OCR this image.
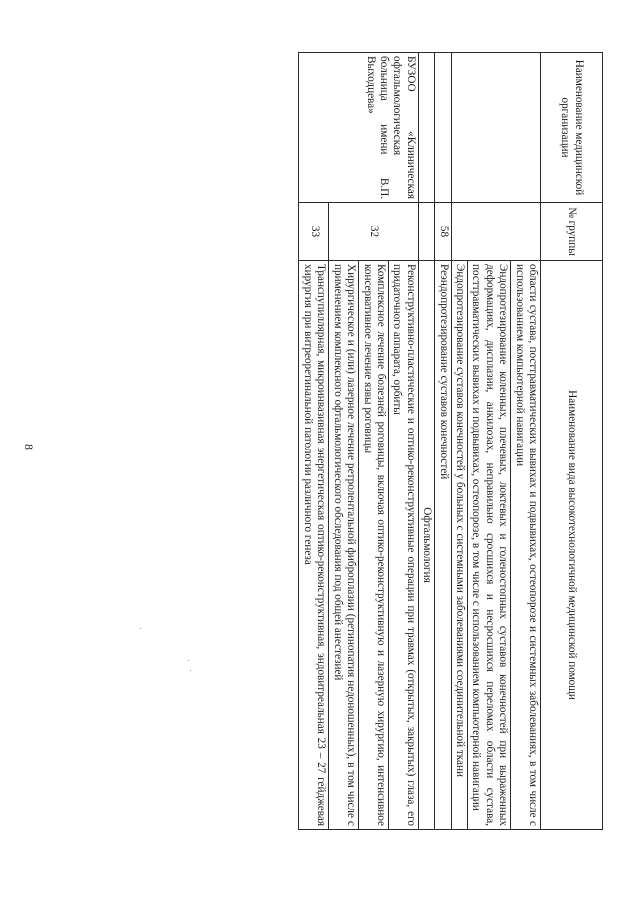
8
Наименование медицинской организации	№ группы	Наименование вида высокотехнологичной медицинской помощи
		области сустава, посттравматических вывихах и подвывихах, остеопорозе и системных заболеваниях, в том числе с использованием компьютерной навигации
		Эндопротезирование коленных, плечевых, локтевых и голеностопных суставов конечностей при выраженных деформациях, дисплазии, анкилозах, неправильно сросшихся и несросшихся переломах области сустава, посттравматических вывихах и подвывихах, остеопорозе, в том числе с использованием компьютерной навигации
		Эндопротезирование суставов конечностей у больных с системными заболеваниями соединительной ткани
	58	Реэндопротезирование суставов конечностей
		Офтальмология
БУЗОО «Клиническая офтальмологическая больница имени В.П. Выходцева»	32	Реконструктивно-пластические и оптико-реконструктивные операции при травмах (открытых, закрытых) глаза, его придаточного аппарата, орбиты
		Комплексное лечение болезней роговицы, включая оптико-реконструктивную и лазерную хирургию, интенсивное консервативное лечение язвы роговицы
		Хирургическое и (или) лазерное лечение ретролентальной фиброплазии (ретинопатия недоношенных), в том числе с применением комплексного офтальмологического обследования под общей анестезией
	33	Транспупиллярная, микроинвазивная энергетическая оптико-реконструктивная, эндовитреальная 23 – 27 гейджевая хирургия при витреоретинальной патологии различного генеза
